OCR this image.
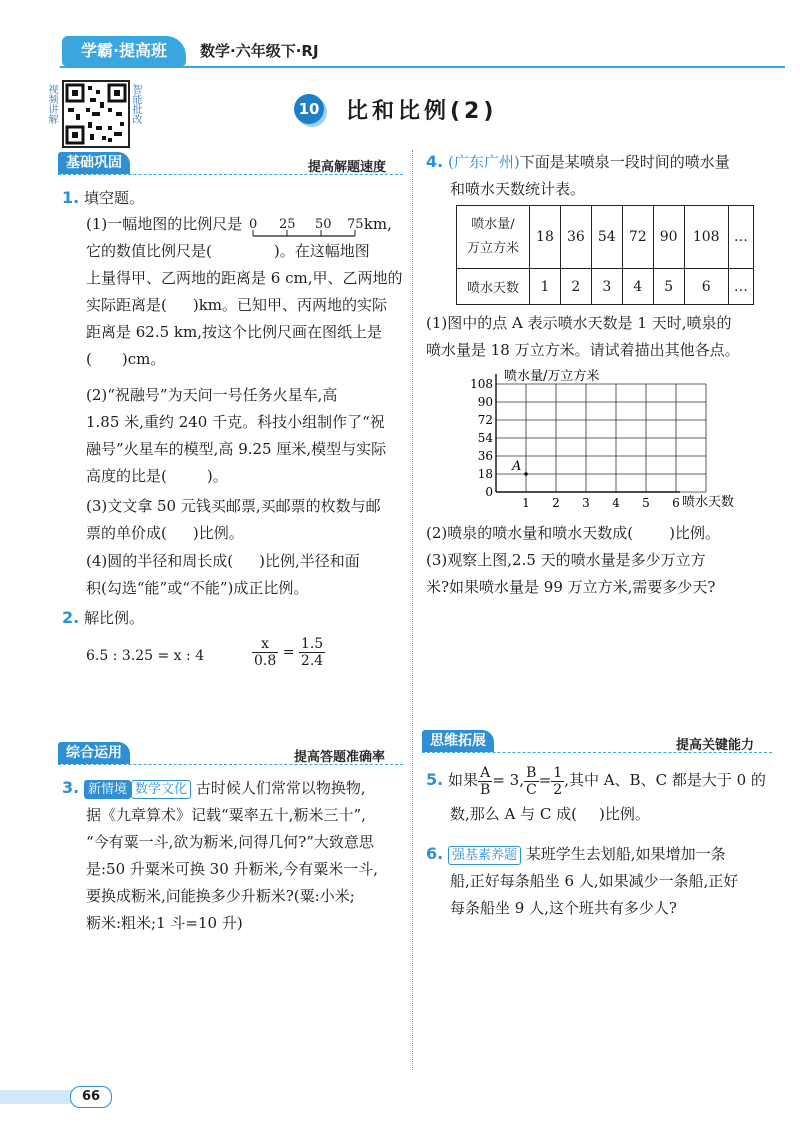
学霸·提高班	数学·六年级下·RJ
视频讲解	智能批改	10 比和比例(2)
基础巩固	提高解题速度
1. 填空题。
(1)一幅地图的比例尺是 0 25 50 75 km,
它的数值比例尺是(	)。在这幅地图
上量得甲、乙两地的距离是 6 cm,甲、乙两地的
实际距离是( )km。已知甲、丙两地的实际
距离是 62.5 km,按这个比例尺画在图纸上是
( )cm。
(2)“祝融号”为天问一号任务火星车,高
1.85 米,重约 240 千克。科技小组制作了“祝
融号”火星车的模型,高 9.25 厘米,模型与实际
高度的比是(	)。
(3)文文拿 50 元钱买邮票,买邮票的枚数与邮
票的单价成( )比例。
(4)圆的半径和周长成( )比例,半径和面
积(勾选“能”或“不能”)成正比例。
2. 解比例。
6.5 : 3.25 = x : 4	$\frac{x}{0.8} = \frac{1.5}{2.4}$
综合运用	提高答题准确率
3. 新情境 数学文化 古时候人们常常以物换物,
据《九章算术》记载“粟率五十,粝米三十”,
“今有粟一斗,欲为粝米,问得几何?”大致意思
是:50 升粟米可换 30 升粝米,今有粟米一斗,
要换成粝米,问能换多少升粝米?(粟:小米;
粝米:粗米;1 斗=10 升)
4. (广东广州)下面是某喷泉一段时间的喷水量
和喷水天数统计表。
喷水量/
万立方米	18	36	54	72	90	108	…
喷水天数	1	2	3	4	5	6	…
(1)图中的点 A 表示喷水天数是 1 天时,喷泉的
喷水量是 18 万立方米。请试着描出其他各点。
0
18
36
54
72
90
108
1 2 3 4 5 6
喷水量/万立方米
喷水天数
A
(2)喷泉的喷水量和喷水天数成( )比例。
(3)观察上图,2.5 天的喷水量是多少万立方
米?如果喷水量是 99 万立方米,需要多少天?
思维拓展	提高关键能力
5. 如果 $\frac{A}{B} = 3$, $\frac{B}{C} = \frac{1}{2}$ ,其中 A、B、C 都是大于 0 的
数,那么 A 与 C 成( )比例。
6. 强基素养题 某班学生去划船,如果增加一条
船,正好每条船坐 6 人,如果减少一条船,正好
每条船坐 9 人,这个班共有多少人?
66
